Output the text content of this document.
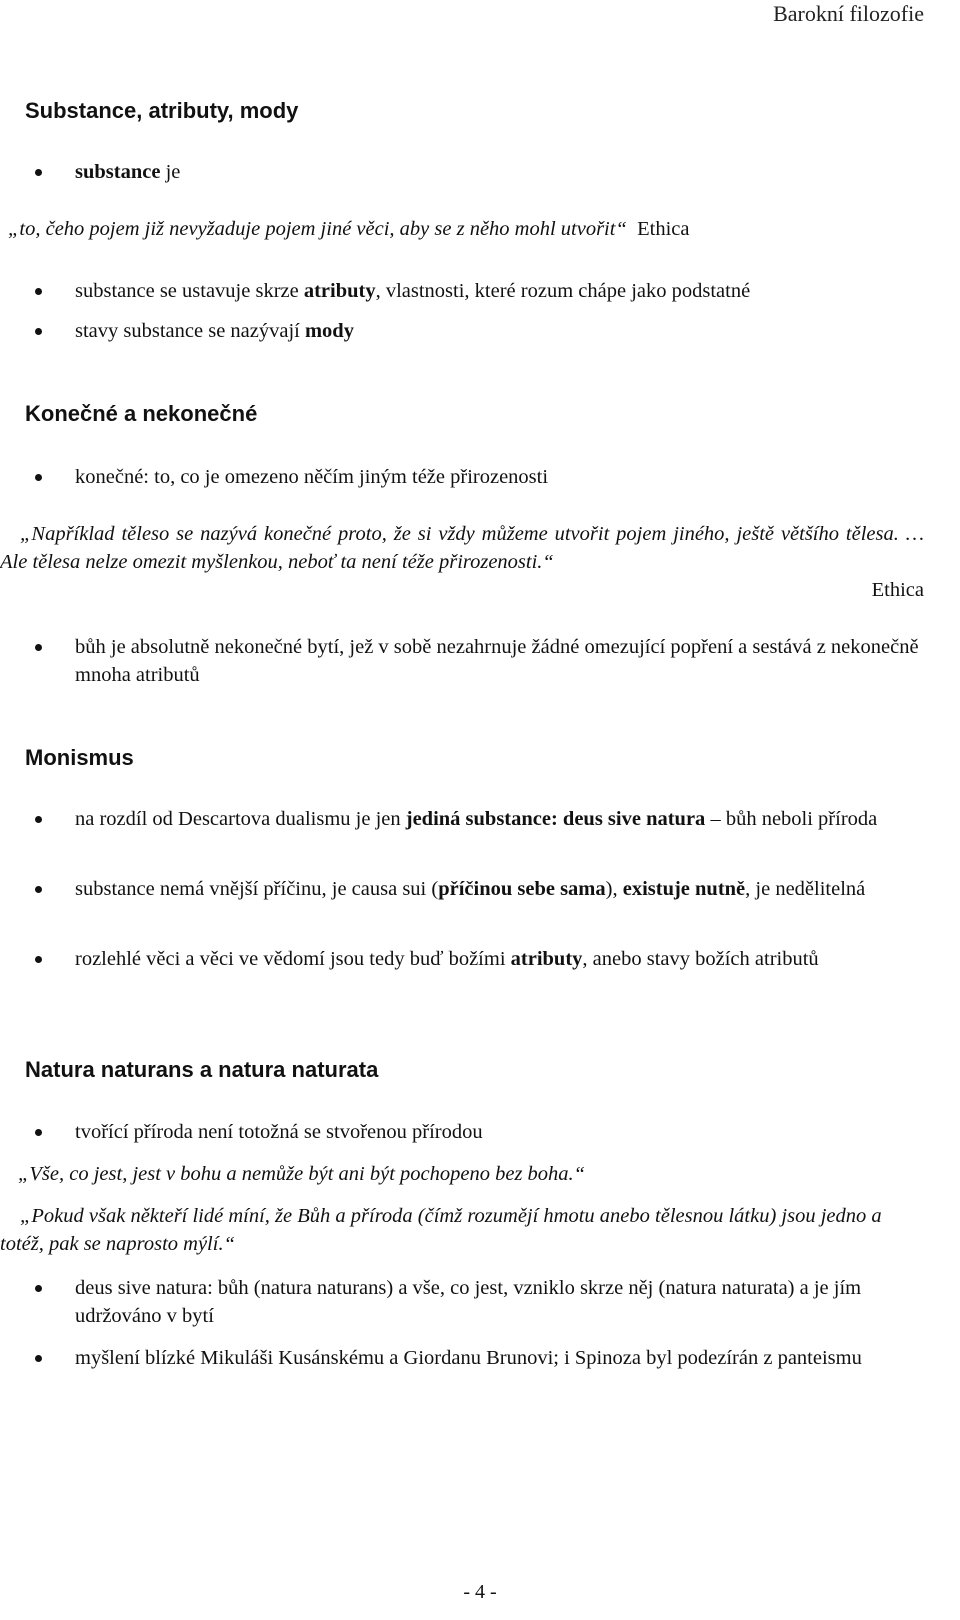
Barokní filozofie
Substance, atributy, mody
substance je
„to, čeho pojem již nevyžaduje pojem jiné věci, aby se z něho mohl utvořit“ Ethica
substance se ustavuje skrze atributy, vlastnosti, které rozum chápe jako podstatné
stavy substance se nazývají mody
Konečné a nekonečné
konečné: to, co je omezeno něčím jiným téže přirozenosti
„Například těleso se nazývá konečné proto, že si vždy můžeme utvořit pojem jiného, ještě většího tělesa. … Ale tělesa nelze omezit myšlenkou, neboť ta není téže přirozenosti.“
Ethica
bůh je absolutně nekonečné bytí, jež v sobě nezahrnuje žádné omezující popření a sestává z nekonečně mnoha atributů
Monismus
na rozdíl od Descartova dualismu je jen jediná substance: deus sive natura – bůh neboli příroda
substance nemá vnější příčinu, je causa sui (příčinou sebe sama), existuje nutně, je nedělitelná
rozlehlé věci a věci ve vědomí jsou tedy buď božími atributy, anebo stavy božích atributů
Natura naturans a natura naturata
tvořící příroda není totožná se stvořenou přírodou
„Vše, co jest, jest v bohu a nemůže být ani být pochopeno bez boha.“
„Pokud však někteří lidé míní, že Bůh a příroda (čímž rozumějí hmotu anebo tělesnou látku) jsou jedno a totéž, pak se naprosto mýlí.“
deus sive natura: bůh (natura naturans) a vše, co jest, vzniklo skrze něj (natura naturata) a je jím udržováno v bytí
myšlení blízké Mikuláši Kusánskému a Giordanu Brunovi; i Spinoza byl podezírán z panteismu
- 4 -
